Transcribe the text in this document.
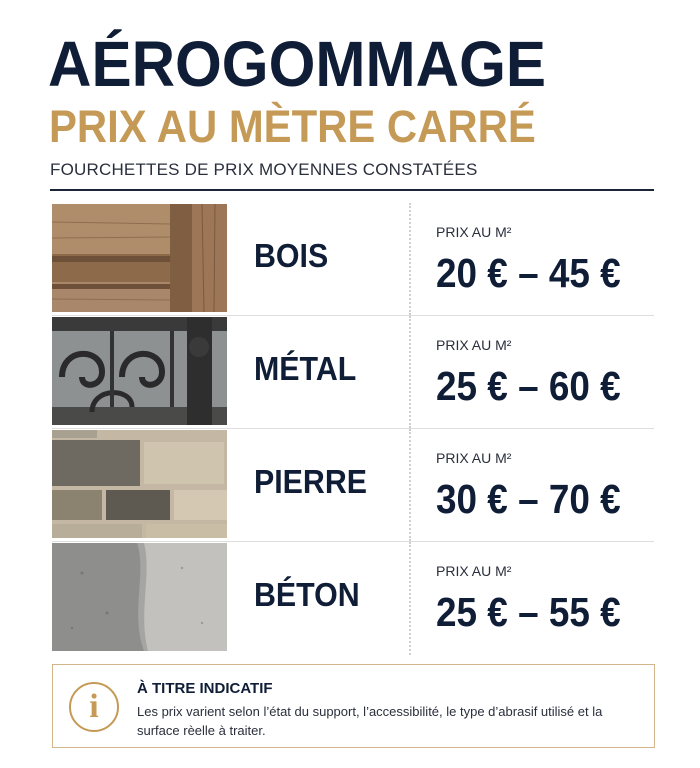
AÉROGOMMAGE
PRIX AU MÈTRE CARRÉ
FOURCHETTES DE PRIX MOYENNES CONSTATÉES
BOIS
PRIX AU M²
20 € – 45 €
MÉTAL
PRIX AU M²
25 € – 60 €
PIERRE
PRIX AU M²
30 € – 70 €
BÉTON
PRIX AU M²
25 € – 55 €
i	À TITRE INDICATIF
Les prix varient selon l’état du support, l’accessibilité, le type d’abrasif utilisé et la surface rèelle à traiter.
